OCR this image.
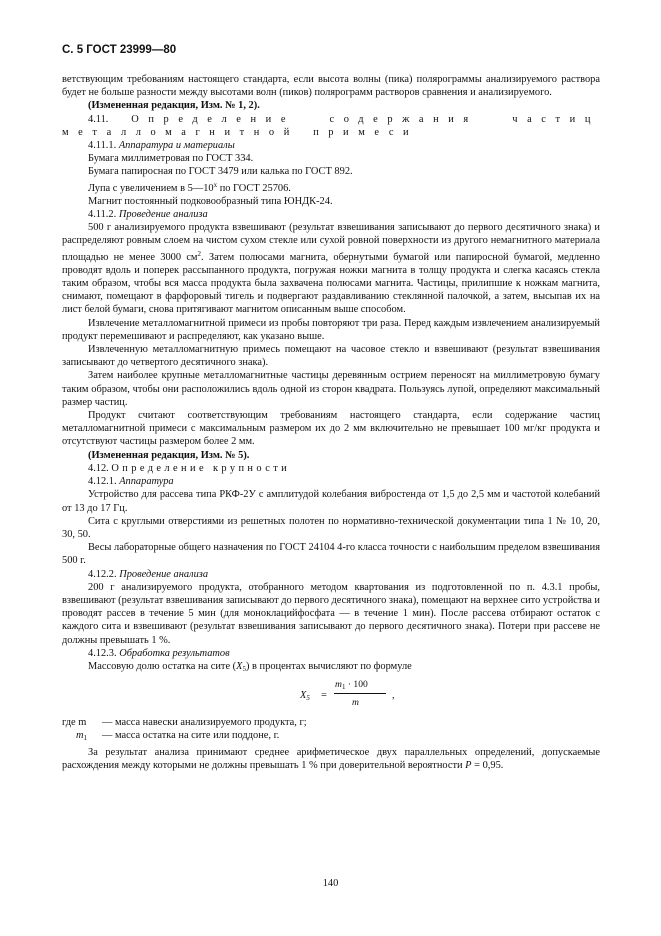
С. 5 ГОСТ 23999—80

ветствующим требованиям настоящего стандарта, если высота волны (пика) полярограммы анализируемого раствора будет не больше разности между высотами волн (пиков) полярограмм растворов сравнения и анализируемого.

(Измененная редакция, Изм. № 1, 2).

4.11. Определение содержания частиц металломагнитной примеси

4.11.1. Аппаратура и материалы

Бумага миллиметровая по ГОСТ 334.

Бумага папиросная по ГОСТ 3479 или калька по ГОСТ 892.

Лупа с увеличением в 5—10$^x$ по ГОСТ 25706.

Магнит постоянный подковообразный типа ЮНДК-24.

4.11.2. Проведение анализа

500 г анализируемого продукта взвешивают (результат взвешивания записывают до первого десятичного знака) и распределяют ровным слоем на чистом сухом стекле или сухой ровной поверхности из другого немагнитного материала площадью не менее 3000 $см^2$. Затем полюсами магнита, обернутыми бумагой или папиросной бумагой, медленно проводят вдоль и поперек рассыпанного продукта, погружая ножки магнита в толщу продукта и слегка касаясь стекла таким образом, чтобы вся масса продукта была захвачена полюсами магнита. Частицы, прилипшие к ножкам магнита, снимают, помещают в фарфоровый тигель и подвергают раздавливанию стеклянной палочкой, а затем, высыпав их на лист белой бумаги, снова притягивают магнитом описанным выше способом.

Извлечение металломагнитной примеси из пробы повторяют три раза. Перед каждым извлечением анализируемый продукт перемешивают и распределяют, как указано выше.

Извлеченную металломагнитную примесь помещают на часовое стекло и взвешивают (результат взвешивания записывают до четвертого десятичного знака).

Затем наиболее крупные металломагнитные частицы деревянным острием переносят на миллиметровую бумагу таким образом, чтобы они расположились вдоль одной из сторон квадрата. Пользуясь лупой, определяют максимальный размер частиц.

Продукт считают соответствующим требованиям настоящего стандарта, если содержание частиц металломагнитной примеси с максимальным размером их до 2 мм включительно не превышает 100 мг/кг продукта и отсутствуют частицы размером более 2 мм.

(Измененная редакция, Изм. № 5).

4.12. Определение крупности

4.12.1. Аппаратура

Устройство для рассева типа РКФ-2У с амплитудой колебания вибростенда от 1,5 до 2,5 мм и частотой колебаний от 13 до 17 Гц.

Сита с круглыми отверстиями из решетных полотен по нормативно-технической документации типа 1 № 10, 20, 30, 50.

Весы лабораторные общего назначения по ГОСТ 24104 4-го класса точности с наибольшим пределом взвешивания 500 г.

4.12.2. Проведение анализа

200 г анализируемого продукта, отобранного методом квартования из подготовленной по п. 4.3.1 пробы, взвешивают (результат взвешивания записывают до первого десятичного знака), помещают на верхнее сито устройства и проводят рассев в течение 5 мин (для моноклацийфосфата — в течение 1 мин). После рассева отбирают остаток с каждого сита и взвешивают (результат взвешивания записывают до первого десятичного знака). Потери при рассеве не должны превышать 1 %.

4.12.3. Обработка результатов

Массовую долю остатка на сите $(X_5)$ в процентах вычисляют по формуле

$X_5$ =
$m_1 \cdot 100$
m
,
где m	— масса навески анализируемого продукта, г;
$m_1$	— масса остатка на сите или поддоне, г.

За результат анализа принимают среднее арифметическое двух параллельных определений, допускаемые расхождения между которыми не должны превышать 1 % при доверительной вероятности P = 0,95.

140
